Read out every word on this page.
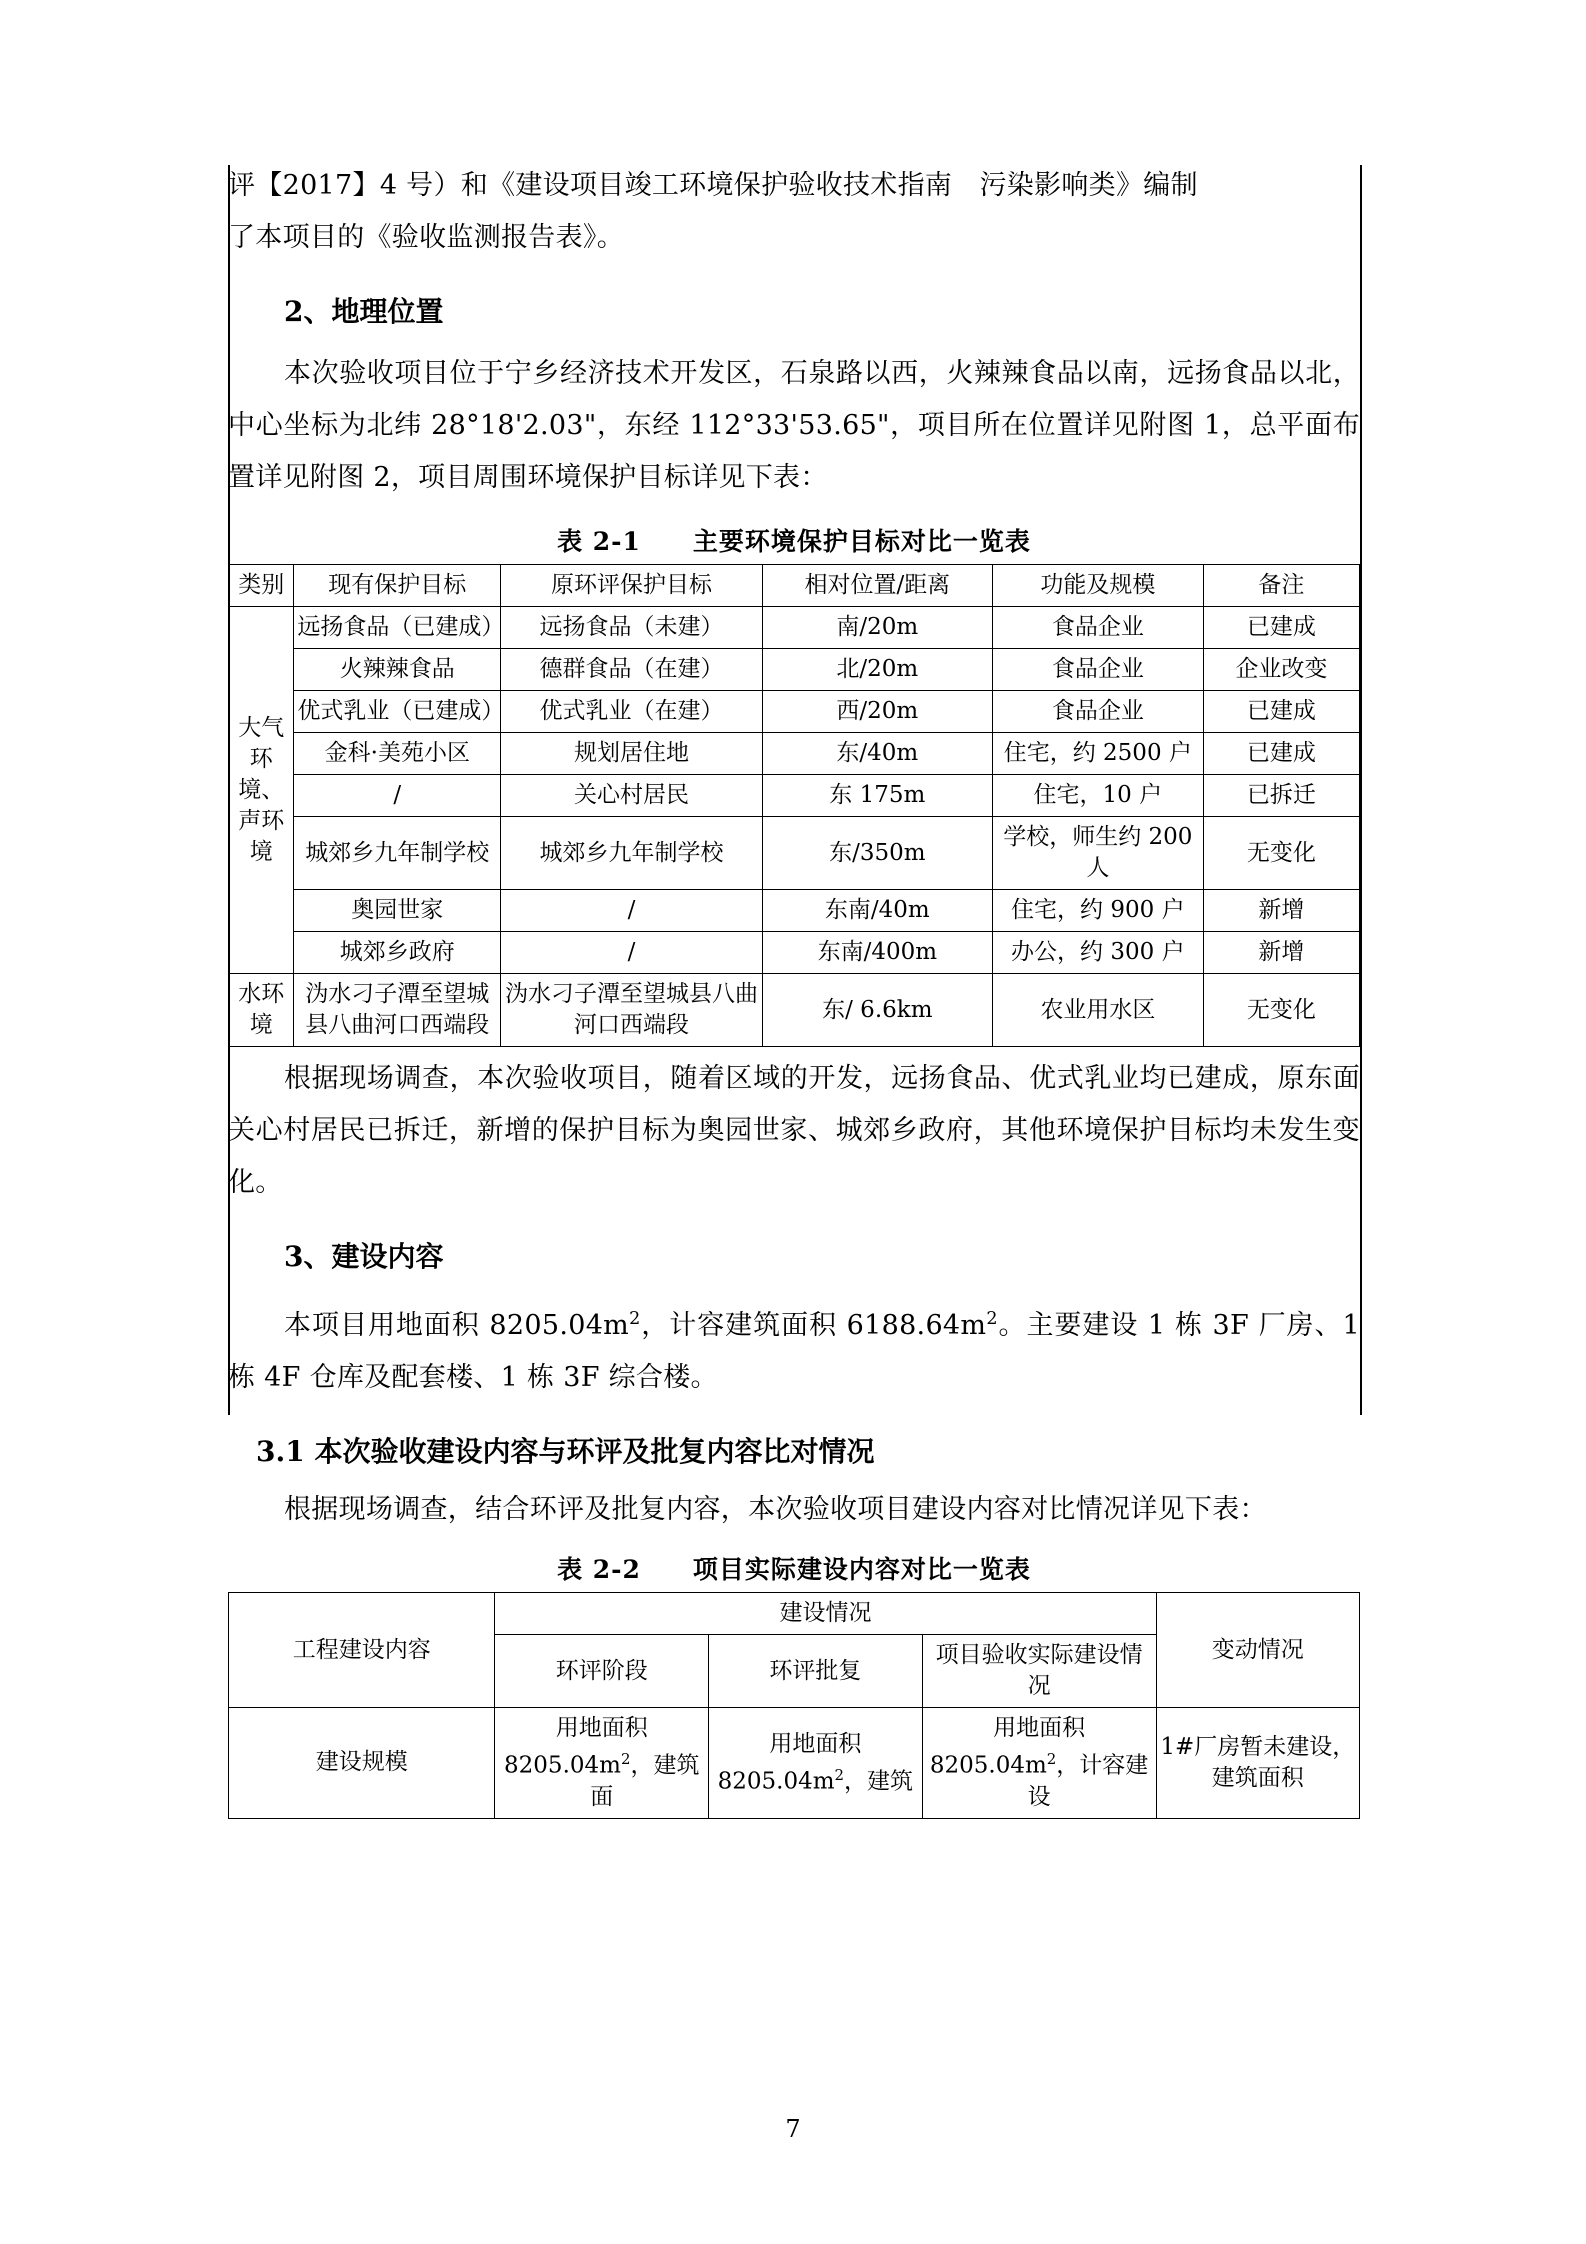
评【2017】4 号）和《建设项目竣工环境保护验收技术指南　污染影响类》编制

了本项目的《验收监测报告表》。

2、地理位置

本次验收项目位于宁乡经济技术开发区，石泉路以西，火辣辣食品以南，远扬食品以北，中心坐标为北纬 28°18'2.03"，东经 112°33'53.65"，项目所在位置详见附图 1，总平面布置详见附图 2，项目周围环境保护目标详见下表：

表 2-1　　主要环境保护目标对比一览表
类别	现有保护目标	原环评保护目标	相对位置/距离	功能及规模	备注
大气环境、声环境	远扬食品（已建成）	远扬食品（未建）	南/20m	食品企业	已建成
	火辣辣食品	德群食品（在建）	北/20m	食品企业	企业改变
	优式乳业（已建成）	优式乳业（在建）	西/20m	食品企业	已建成
	金科·美苑小区	规划居住地	东/40m	住宅，约 2500 户	已建成
	/	关心村居民	东 175m	住宅，10 户	已拆迁
	城郊乡九年制学校	城郊乡九年制学校	东/350m	学校，师生约 200 人	无变化
	奥园世家	/	东南/40m	住宅，约 900 户	新增
	城郊乡政府	/	东南/400m	办公，约 300 户	新增
水环境	沩水刁子潭至望城县八曲河口西端段	沩水刁子潭至望城县八曲河口西端段	东/ 6.6km	农业用水区	无变化

根据现场调查，本次验收项目，随着区域的开发，远扬食品、优式乳业均已建成，原东面关心村居民已拆迁，新增的保护目标为奥园世家、城郊乡政府，其他环境保护目标均未发生变化。

3、建设内容

本项目用地面积 $8205.04m^2$，计容建筑面积 $6188.64m^2$。主要建设 1 栋 3F 厂房、1 栋 4F 仓库及配套楼、1 栋 3F 综合楼。

3.1 本次验收建设内容与环评及批复内容比对情况

根据现场调查，结合环评及批复内容，本次验收项目建设内容对比情况详见下表：

表 2-2　　项目实际建设内容对比一览表
工程建设内容	建设情况			变动情况
	环评阶段	环评批复	项目验收实际建设情况	
建设规模	用地面积 $8205.04m^2$，建筑面	用地面积 $8205.04m^2$，建筑	用地面积 $8205.04m^2$，计容建设	1#厂房暂未建设，建筑面积
7
